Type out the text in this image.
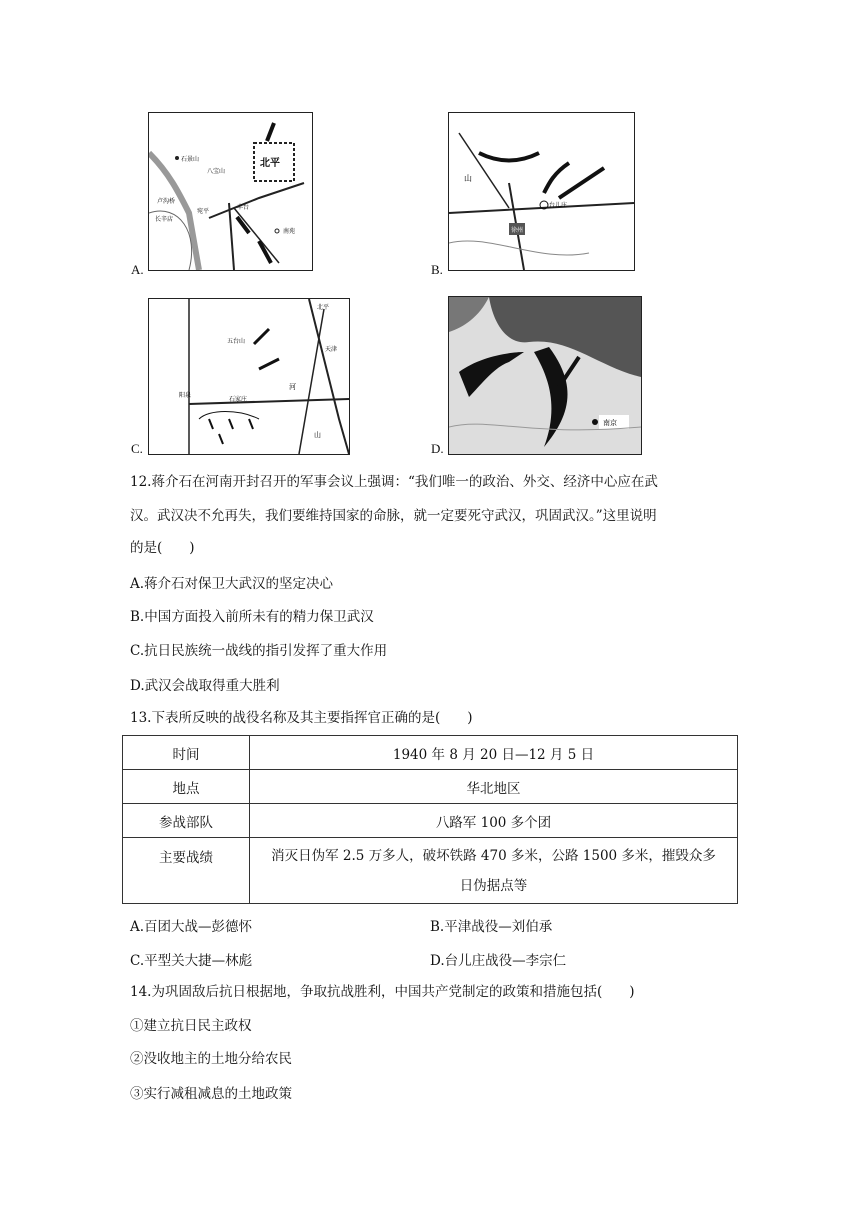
A.
北平
石景山
八宝山
卢沟桥
宛平
丰台
长辛店
南苑
B.
台儿庄
徐州
山
C.
北平
天津
五台山
阳泉
石家庄
河
山
D.
南京
12.蒋介石在河南开封召开的军事会议上强调：“我们唯一的政治、外交、经济中心应在武
汉。武汉决不允再失，我们要维持国家的命脉，就一定要死守武汉，巩固武汉。”这里说明
的是(　　)
A.蒋介石对保卫大武汉的坚定决心
B.中国方面投入前所未有的精力保卫武汉
C.抗日民族统一战线的指引发挥了重大作用
D.武汉会战取得重大胜利
13.下表所反映的战役名称及其主要指挥官正确的是(　　)
时间	1940 年 8 月 20 日—12 月 5 日
地点	华北地区
参战部队	八路军 100 多个团
主要战绩	消灭日伪军 2.5 万多人，破坏铁路 470 多米，公路 1500 多米，摧毁众多
日伪据点等
A.百团大战—彭德怀	B.平津战役—刘伯承
C.平型关大捷—林彪	D.台儿庄战役—李宗仁
14.为巩固敌后抗日根据地，争取抗战胜利，中国共产党制定的政策和措施包括(　　)
①建立抗日民主政权
②没收地主的土地分给农民
③实行减租减息的土地政策
